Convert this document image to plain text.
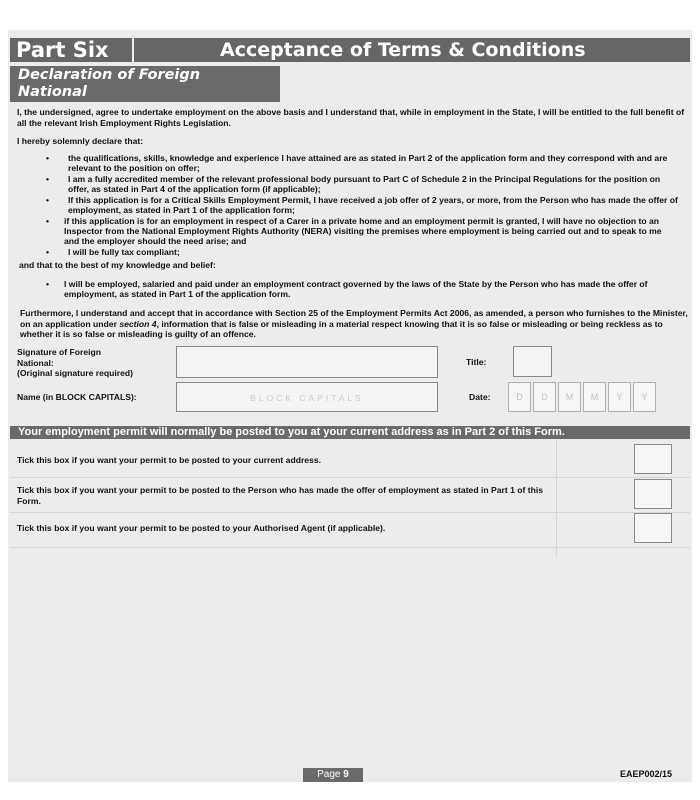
Part Six	Acceptance of Terms & Conditions
Declaration of Foreign
National

I, the undersigned, agree to undertake employment on the above basis and I understand that, while in employment in the State, I will be entitled to the full benefit of all the relevant Irish Employment Rights Legislation.

I hereby solemnly declare that:

• the qualifications, skills, knowledge and experience I have attained are as stated in Part 2 of the application form and they correspond with and are relevant to the position on offer;
• I am a fully accredited member of the relevant professional body pursuant to Part C of Schedule 2 in the Principal Regulations for the position on offer, as stated in Part 4 of the application form (if applicable);
• If this application is for a Critical Skills Employment Permit, I have received a job offer of 2 years, or more, from the Person who has made the offer of employment, as stated in Part 1 of the application form;
• if this application is for an employment in respect of a Carer in a private home and an employment permit is granted, I will have no objection to an Inspector from the National Employment Rights Authority (NERA) visiting the premises where employment is being carried out and to speak to me and the employer should the need arise; and
• I will be fully tax compliant;

and that to the best of my knowledge and belief:

• I will be employed, salaried and paid under an employment contract governed by the laws of the State by the Person who has made the offer of employment, as stated in Part 1 of the application form.

Furthermore, I understand and accept that in accordance with Section 25 of the Employment Permits Act 2006, as amended, a person who furnishes to the Minister, on an application under section 4, information that is false or misleading in a material respect knowing that it is so false or misleading or being reckless as to whether it is so false or misleading is guilty of an offence.

Signature of Foreign
National:
(Original signature required)
Title:
Name (in BLOCK CAPITALS):	BLOCK CAPITALS	Date:	D	D	M	M	Y	Y
Your employment permit will normally be posted to you at your current address as in Part 2 of this Form.
Tick this box if you want your permit to be posted to your current address.
Tick this box if you want your permit to be posted to the Person who has made the offer of employment as stated in Part 1 of this Form.
Tick this box if you want your permit to be posted to your Authorised Agent (if applicable).
Page 9	EAEP002/15
